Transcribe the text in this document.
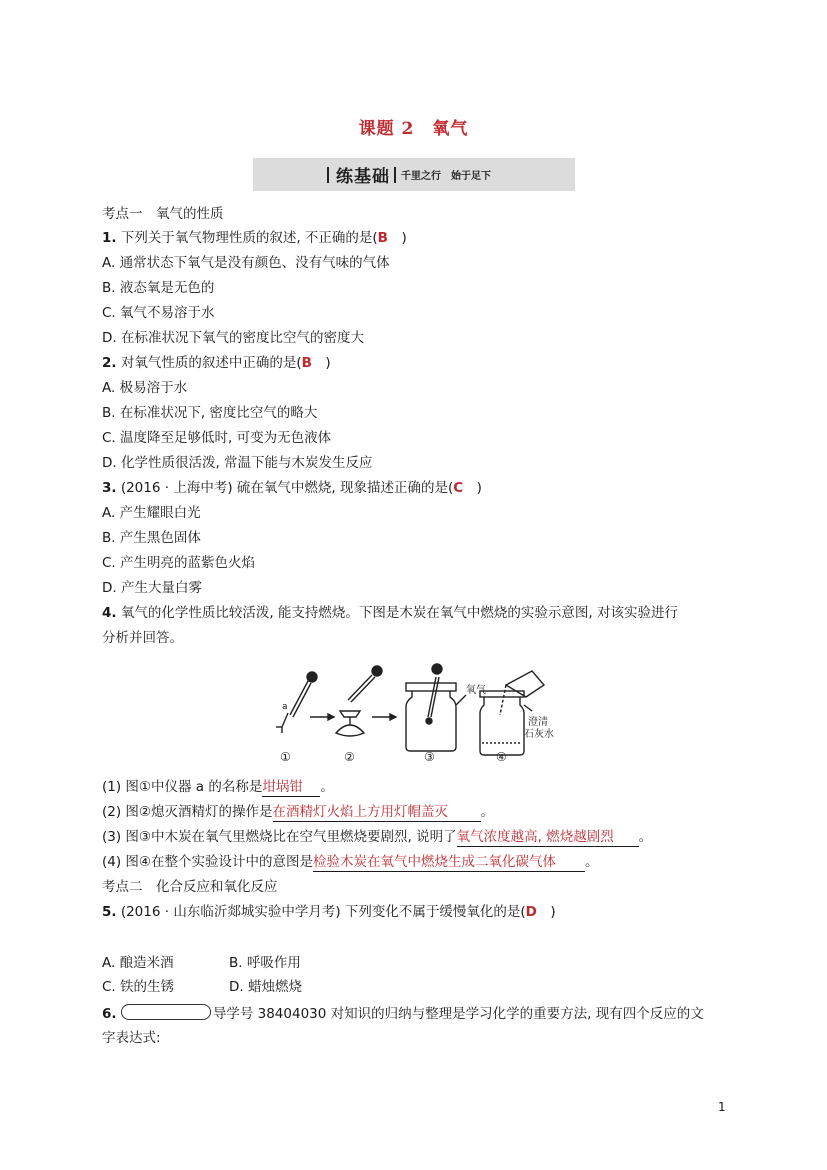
课题 2　氧气
练基础 千里之行　始于足下
考点一　氧气的性质
1. 下列关于氧气物理性质的叙述, 不正确的是(B　)
A. 通常状态下氧气是没有颜色、没有气味的气体
B. 液态氧是无色的
C. 氧气不易溶于水
D. 在标准状况下氧气的密度比空气的密度大
2. 对氧气性质的叙述中正确的是(B　)
A. 极易溶于水
B. 在标准状况下, 密度比空气的略大
C. 温度降至足够低时, 可变为无色液体
D. 化学性质很活泼, 常温下能与木炭发生反应
3. (2016 · 上海中考) 硫在氧气中燃烧, 现象描述正确的是(C　)
A. 产生耀眼白光
B. 产生黑色固体
C. 产生明亮的蓝紫色火焰
D. 产生大量白雾
4. 氧气的化学性质比较活泼, 能支持燃烧。下图是木炭在氧气中燃烧的实验示意图, 对该实验进行
分析并回答。
a
氧气
澄清
石灰水
①	②	③	④
(1) 图①中仪器 a 的名称是坩埚钳 。
(2) 图②熄灭酒精灯的操作是在酒精灯火焰上方用灯帽盖灭 。
(3) 图③中木炭在氧气里燃烧比在空气里燃烧要剧烈, 说明了氧气浓度越高, 燃烧越剧烈 。
(4) 图④在整个实验设计中的意图是检验木炭在氧气中燃烧生成二氧化碳气体 。
考点二　化合反应和氧化反应
5. (2016 · 山东临沂郯城实验中学月考) 下列变化不属于缓慢氧化的是(D　)
A. 酿造米酒	B. 呼吸作用
C. 铁的生锈	D. 蜡烛燃烧
6.	导学号 38404030 对知识的归纳与整理是学习化学的重要方法, 现有四个反应的文
字表达式:
1
